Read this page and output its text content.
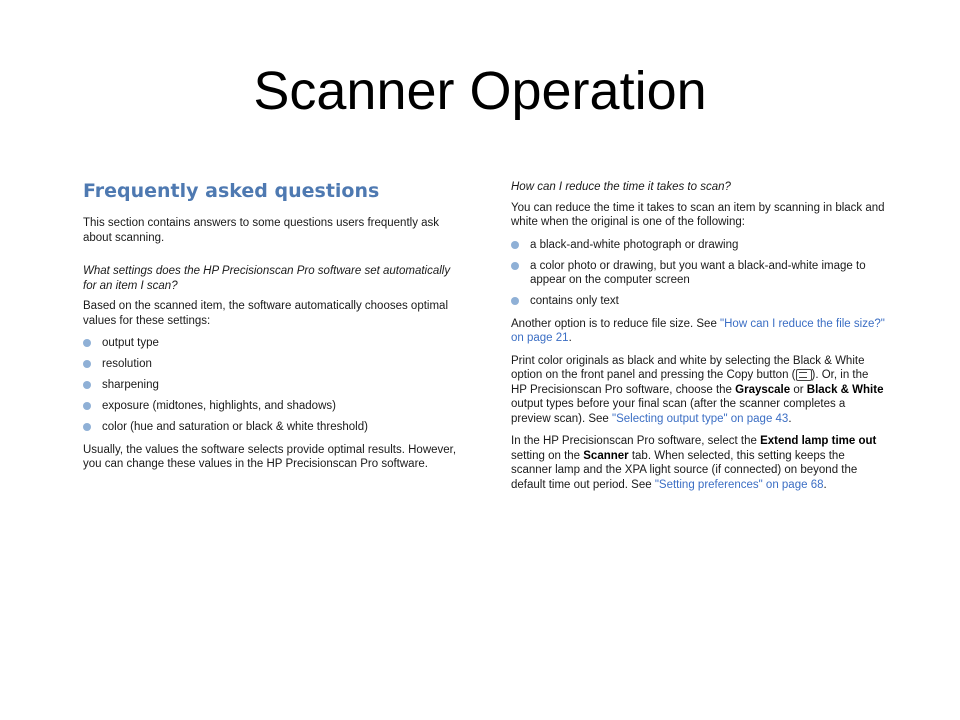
Scanner Operation
Frequently asked questions

This section contains answers to some questions users frequently ask about scanning.

What settings does the HP Precisionscan Pro software set automatically for an item I scan?

Based on the scanned item, the software automatically chooses optimal values for these settings:

output type
resolution
sharpening
exposure (midtones, highlights, and shadows)
color (hue and saturation or black & white threshold)

Usually, the values the software selects provide optimal results. However, you can change these values in the HP Precisionscan Pro software.

How can I reduce the time it takes to scan?

You can reduce the time it takes to scan an item by scanning in black and white when the original is one of the following:

a black-and-white photograph or drawing
a color photo or drawing, but you want a black-and-white image to appear on the computer screen
contains only text

Another option is to reduce file size. See "How can I reduce the file size?" on page 21.

Print color originals as black and white by selecting the Black & White option on the front panel and pressing the Copy button ( ). Or, in the HP Precisionscan Pro software, choose the Grayscale or Black & White output types before your final scan (after the scanner completes a preview scan). See "Selecting output type" on page 43.

In the HP Precisionscan Pro software, select the Extend lamp time out setting on the Scanner tab. When selected, this setting keeps the scanner lamp and the XPA light source (if connected) on beyond the default time out period. See "Setting preferences" on page 68.
